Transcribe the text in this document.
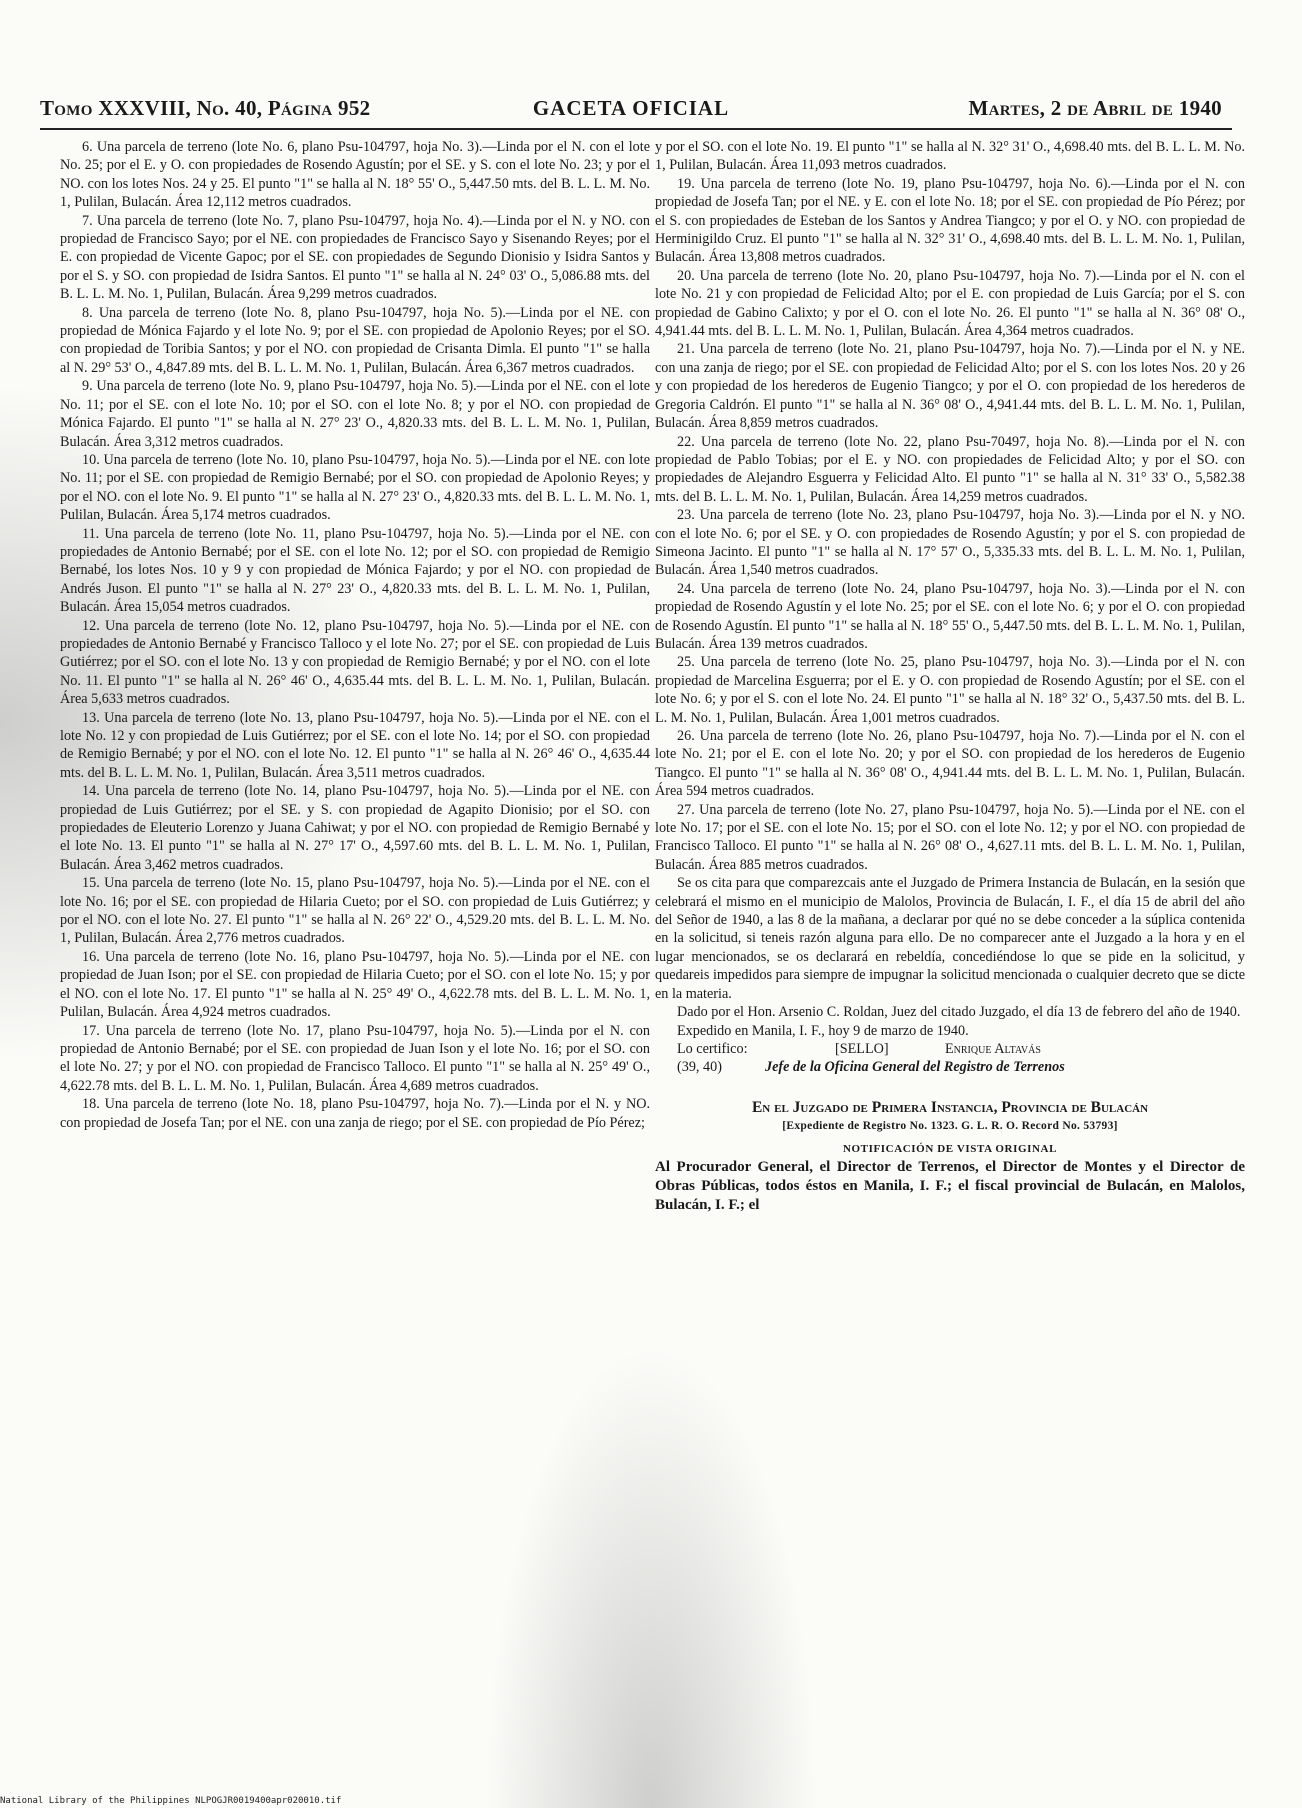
Tomo XXXVIII, No. 40, Página 952	GACETA OFICIAL	Martes, 2 de Abril de 1940

6. Una parcela de terreno (lote No. 6, plano Psu-104797, hoja No. 3).—Linda por el N. con el lote No. 25; por el E. y O. con propiedades de Rosendo Agustín; por el SE. y S. con el lote No. 23; y por el NO. con los lotes Nos. 24 y 25. El punto "1" se halla al N. 18° 55' O., 5,447.50 mts. del B. L. L. M. No. 1, Pulilan, Bulacán. Área 12,112 metros cuadrados.

7. Una parcela de terreno (lote No. 7, plano Psu-104797, hoja No. 4).—Linda por el N. y NO. con propiedad de Francisco Sayo; por el NE. con propiedades de Francisco Sayo y Sisenando Reyes; por el E. con propiedad de Vicente Gapoc; por el SE. con propiedades de Segundo Dionisio y Isidra Santos y por el S. y SO. con propiedad de Isidra Santos. El punto "1" se halla al N. 24° 03' O., 5,086.88 mts. del B. L. L. M. No. 1, Pulilan, Bulacán. Área 9,299 metros cuadrados.

8. Una parcela de terreno (lote No. 8, plano Psu-104797, hoja No. 5).—Linda por el NE. con propiedad de Mónica Fajardo y el lote No. 9; por el SE. con propiedad de Apolonio Reyes; por el SO. con propiedad de Toribia Santos; y por el NO. con propiedad de Crisanta Dimla. El punto "1" se halla al N. 29° 53' O., 4,847.89 mts. del B. L. L. M. No. 1, Pulilan, Bulacán. Área 6,367 metros cuadrados.

9. Una parcela de terreno (lote No. 9, plano Psu-104797, hoja No. 5).—Linda por el NE. con el lote No. 11; por el SE. con el lote No. 10; por el SO. con el lote No. 8; y por el NO. con propiedad de Mónica Fajardo. El punto "1" se halla al N. 27° 23' O., 4,820.33 mts. del B. L. L. M. No. 1, Pulilan, Bulacán. Área 3,312 metros cuadrados.

10. Una parcela de terreno (lote No. 10, plano Psu-104797, hoja No. 5).—Linda por el NE. con lote No. 11; por el SE. con propiedad de Remigio Bernabé; por el SO. con propiedad de Apolonio Reyes; y por el NO. con el lote No. 9. El punto "1" se halla al N. 27° 23' O., 4,820.33 mts. del B. L. L. M. No. 1, Pulilan, Bulacán. Área 5,174 metros cuadrados.

11. Una parcela de terreno (lote No. 11, plano Psu-104797, hoja No. 5).—Linda por el NE. con propiedades de Antonio Bernabé; por el SE. con el lote No. 12; por el SO. con propiedad de Remigio Bernabé, los lotes Nos. 10 y 9 y con propiedad de Mónica Fajardo; y por el NO. con propiedad de Andrés Juson. El punto "1" se halla al N. 27° 23' O., 4,820.33 mts. del B. L. L. M. No. 1, Pulilan, Bulacán. Área 15,054 metros cuadrados.

12. Una parcela de terreno (lote No. 12, plano Psu-104797, hoja No. 5).—Linda por el NE. con propiedades de Antonio Bernabé y Francisco Talloco y el lote No. 27; por el SE. con propiedad de Luis Gutiérrez; por el SO. con el lote No. 13 y con propiedad de Remigio Bernabé; y por el NO. con el lote No. 11. El punto "1" se halla al N. 26° 46' O., 4,635.44 mts. del B. L. L. M. No. 1, Pulilan, Bulacán. Área 5,633 metros cuadrados.

13. Una parcela de terreno (lote No. 13, plano Psu-104797, hoja No. 5).—Linda por el NE. con el lote No. 12 y con propiedad de Luis Gutiérrez; por el SE. con el lote No. 14; por el SO. con propiedad de Remigio Bernabé; y por el NO. con el lote No. 12. El punto "1" se halla al N. 26° 46' O., 4,635.44 mts. del B. L. L. M. No. 1, Pulilan, Bulacán. Área 3,511 metros cuadrados.

14. Una parcela de terreno (lote No. 14, plano Psu-104797, hoja No. 5).—Linda por el NE. con propiedad de Luis Gutiérrez; por el SE. y S. con propiedad de Agapito Dionisio; por el SO. con propiedades de Eleuterio Lorenzo y Juana Cahiwat; y por el NO. con propiedad de Remigio Bernabé y el lote No. 13. El punto "1" se halla al N. 27° 17' O., 4,597.60 mts. del B. L. L. M. No. 1, Pulilan, Bulacán. Área 3,462 metros cuadrados.

15. Una parcela de terreno (lote No. 15, plano Psu-104797, hoja No. 5).—Linda por el NE. con el lote No. 16; por el SE. con propiedad de Hilaria Cueto; por el SO. con propiedad de Luis Gutiérrez; y por el NO. con el lote No. 27. El punto "1" se halla al N. 26° 22' O., 4,529.20 mts. del B. L. L. M. No. 1, Pulilan, Bulacán. Área 2,776 metros cuadrados.

16. Una parcela de terreno (lote No. 16, plano Psu-104797, hoja No. 5).—Linda por el NE. con propiedad de Juan Ison; por el SE. con propiedad de Hilaria Cueto; por el SO. con el lote No. 15; y por el NO. con el lote No. 17. El punto "1" se halla al N. 25° 49' O., 4,622.78 mts. del B. L. L. M. No. 1, Pulilan, Bulacán. Área 4,924 metros cuadrados.

17. Una parcela de terreno (lote No. 17, plano Psu-104797, hoja No. 5).—Linda por el N. con propiedad de Antonio Bernabé; por el SE. con propiedad de Juan Ison y el lote No. 16; por el SO. con el lote No. 27; y por el NO. con propiedad de Francisco Talloco. El punto "1" se halla al N. 25° 49' O., 4,622.78 mts. del B. L. L. M. No. 1, Pulilan, Bulacán. Área 4,689 metros cuadrados.

18. Una parcela de terreno (lote No. 18, plano Psu-104797, hoja No. 7).—Linda por el N. y NO. con propiedad de Josefa Tan; por el NE. con una zanja de riego; por el SE. con propiedad de Pío Pérez;

y por el SO. con el lote No. 19. El punto "1" se halla al N. 32° 31' O., 4,698.40 mts. del B. L. L. M. No. 1, Pulilan, Bulacán. Área 11,093 metros cuadrados.

19. Una parcela de terreno (lote No. 19, plano Psu-104797, hoja No. 6).—Linda por el N. con propiedad de Josefa Tan; por el NE. y E. con el lote No. 18; por el SE. con propiedad de Pío Pérez; por el S. con propiedades de Esteban de los Santos y Andrea Tiangco; y por el O. y NO. con propiedad de Herminigildo Cruz. El punto "1" se halla al N. 32° 31' O., 4,698.40 mts. del B. L. L. M. No. 1, Pulilan, Bulacán. Área 13,808 metros cuadrados.

20. Una parcela de terreno (lote No. 20, plano Psu-104797, hoja No. 7).—Linda por el N. con el lote No. 21 y con propiedad de Felicidad Alto; por el E. con propiedad de Luis García; por el S. con propiedad de Gabino Calixto; y por el O. con el lote No. 26. El punto "1" se halla al N. 36° 08' O., 4,941.44 mts. del B. L. L. M. No. 1, Pulilan, Bulacán. Área 4,364 metros cuadrados.

21. Una parcela de terreno (lote No. 21, plano Psu-104797, hoja No. 7).—Linda por el N. y NE. con una zanja de riego; por el SE. con propiedad de Felicidad Alto; por el S. con los lotes Nos. 20 y 26 y con propiedad de los herederos de Eugenio Tiangco; y por el O. con propiedad de los herederos de Gregoria Caldrón. El punto "1" se halla al N. 36° 08' O., 4,941.44 mts. del B. L. L. M. No. 1, Pulilan, Bulacán. Área 8,859 metros cuadrados.

22. Una parcela de terreno (lote No. 22, plano Psu-70497, hoja No. 8).—Linda por el N. con propiedad de Pablo Tobias; por el E. y NO. con propiedades de Felicidad Alto; y por el SO. con propiedades de Alejandro Esguerra y Felicidad Alto. El punto "1" se halla al N. 31° 33' O., 5,582.38 mts. del B. L. L. M. No. 1, Pulilan, Bulacán. Área 14,259 metros cuadrados.

23. Una parcela de terreno (lote No. 23, plano Psu-104797, hoja No. 3).—Linda por el N. y NO. con el lote No. 6; por el SE. y O. con propiedades de Rosendo Agustín; y por el S. con propiedad de Simeona Jacinto. El punto "1" se halla al N. 17° 57' O., 5,335.33 mts. del B. L. L. M. No. 1, Pulilan, Bulacán. Área 1,540 metros cuadrados.

24. Una parcela de terreno (lote No. 24, plano Psu-104797, hoja No. 3).—Linda por el N. con propiedad de Rosendo Agustín y el lote No. 25; por el SE. con el lote No. 6; y por el O. con propiedad de Rosendo Agustín. El punto "1" se halla al N. 18° 55' O., 5,447.50 mts. del B. L. L. M. No. 1, Pulilan, Bulacán. Área 139 metros cuadrados.

25. Una parcela de terreno (lote No. 25, plano Psu-104797, hoja No. 3).—Linda por el N. con propiedad de Marcelina Esguerra; por el E. y O. con propiedad de Rosendo Agustín; por el SE. con el lote No. 6; y por el S. con el lote No. 24. El punto "1" se halla al N. 18° 32' O., 5,437.50 mts. del B. L. L. M. No. 1, Pulilan, Bulacán. Área 1,001 metros cuadrados.

26. Una parcela de terreno (lote No. 26, plano Psu-104797, hoja No. 7).—Linda por el N. con el lote No. 21; por el E. con el lote No. 20; y por el SO. con propiedad de los herederos de Eugenio Tiangco. El punto "1" se halla al N. 36° 08' O., 4,941.44 mts. del B. L. L. M. No. 1, Pulilan, Bulacán. Área 594 metros cuadrados.

27. Una parcela de terreno (lote No. 27, plano Psu-104797, hoja No. 5).—Linda por el NE. con el lote No. 17; por el SE. con el lote No. 15; por el SO. con el lote No. 12; y por el NO. con propiedad de Francisco Talloco. El punto "1" se halla al N. 26° 08' O., 4,627.11 mts. del B. L. L. M. No. 1, Pulilan, Bulacán. Área 885 metros cuadrados.

Se os cita para que comparezcais ante el Juzgado de Primera Instancia de Bulacán, en la sesión que celebrará el mismo en el municipio de Malolos, Provincia de Bulacán, I. F., el día 15 de abril del año del Señor de 1940, a las 8 de la mañana, a declarar por qué no se debe conceder a la súplica contenida en la solicitud, si teneis razón alguna para ello. De no comparecer ante el Juzgado a la hora y en el lugar mencionados, se os declarará en rebeldía, concediéndose lo que se pide en la solicitud, y quedareis impedidos para siempre de impugnar la solicitud mencionada o cualquier decreto que se dicte en la materia.

Dado por el Hon. Arsenio C. Roldan, Juez del citado Juzgado, el día 13 de febrero del año de 1940.

Expedido en Manila, I. F., hoy 9 de marzo de 1940.

Lo certifico:	[SELLO]	Enrique Altavás
(39, 40)	Jefe de la Oficina General del Registro de Terrenos
En el Juzgado de Primera Instancia, Provincia de Bulacán
[Expediente de Registro No. 1323. G. L. R. O. Record No. 53793]
NOTIFICACIÓN DE VISTA ORIGINAL

Al Procurador General, el Director de Terrenos, el Director de Montes y el Director de Obras Públicas, todos éstos en Manila, I. F.; el fiscal provincial de Bulacán, en Malolos, Bulacán, I. F.; el

National Library of the Philippines NLPOGJR0019400apr020010.tif
